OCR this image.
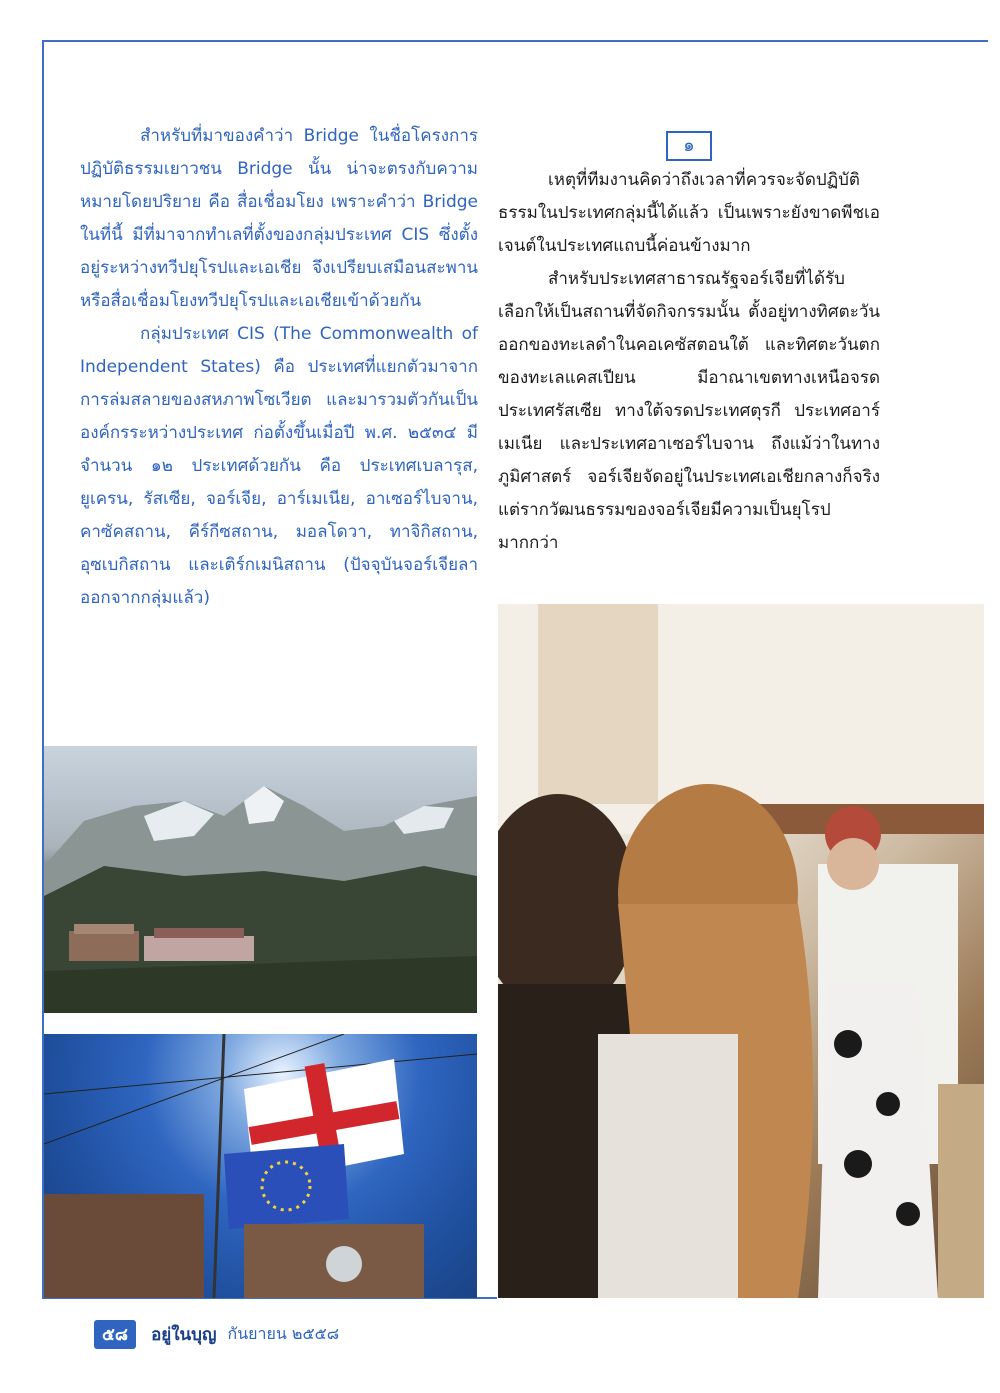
สำหรับที่มาของคำว่า Bridge ในชื่อโครงการปฏิบัติธรรมเยาวชน Bridge นั้น น่าจะตรงกับความหมายโดยปริยาย คือ สื่อเชื่อมโยง เพราะคำว่า Bridge ในที่นี้ มีที่มาจากทำเลที่ตั้งของกลุ่มประเทศ CIS ซึ่งตั้งอยู่ระหว่างทวีปยุโรปและเอเชีย จึงเปรียบเสมือนสะพานหรือสื่อเชื่อมโยงทวีปยุโรปและเอเชียเข้าด้วยกัน

กลุ่มประเทศ CIS (The Commonwealth of Independent States) คือ ประเทศที่แยกตัวมาจากการล่มสลายของสหภาพโซเวียต และมารวมตัวกันเป็นองค์กรระหว่างประเทศ ก่อตั้งขึ้นเมื่อปี พ.ศ. ๒๕๓๔ มีจำนวน ๑๒ ประเทศด้วยกัน คือ ประเทศเบลารุส, ยูเครน, รัสเซีย, จอร์เจีย, อาร์เมเนีย, อาเซอร์ไบจาน, คาซัคสถาน, คีร์กีซสถาน, มอลโดวา, ทาจิกิสถาน, อุซเบกิสถาน และเติร์กเมนิสถาน (ปัจจุบันจอร์เจียลาออกจากกลุ่มแล้ว)

๑

เหตุที่ทีมงานคิดว่าถึงเวลาที่ควรจะจัดปฏิบัติธรรมในประเทศกลุ่มนี้ได้แล้ว เป็นเพราะยังขาดพีชเอเจนต์ในประเทศแถบนี้ค่อนข้างมาก

สำหรับประเทศสาธารณรัฐจอร์เจียที่ได้รับเลือกให้เป็นสถานที่จัดกิจกรรมนั้น ตั้งอยู่ทางทิศตะวันออกของทะเลดำในคอเคซัสตอนใต้ และทิศตะวันตกของทะเลแคสเปียน มีอาณาเขตทางเหนือจรดประเทศรัสเซีย ทางใต้จรดประเทศตุรกี ประเทศอาร์เมเนีย และประเทศอาเซอร์ไบจาน ถึงแม้ว่าในทางภูมิศาสตร์ จอร์เจียจัดอยู่ในประเทศเอเชียกลางก็จริง แต่รากวัฒนธรรมของจอร์เจียมีความเป็นยุโรปมากกว่า

๕๘ อยู่ในบุญ กันยายน ๒๕๕๘
